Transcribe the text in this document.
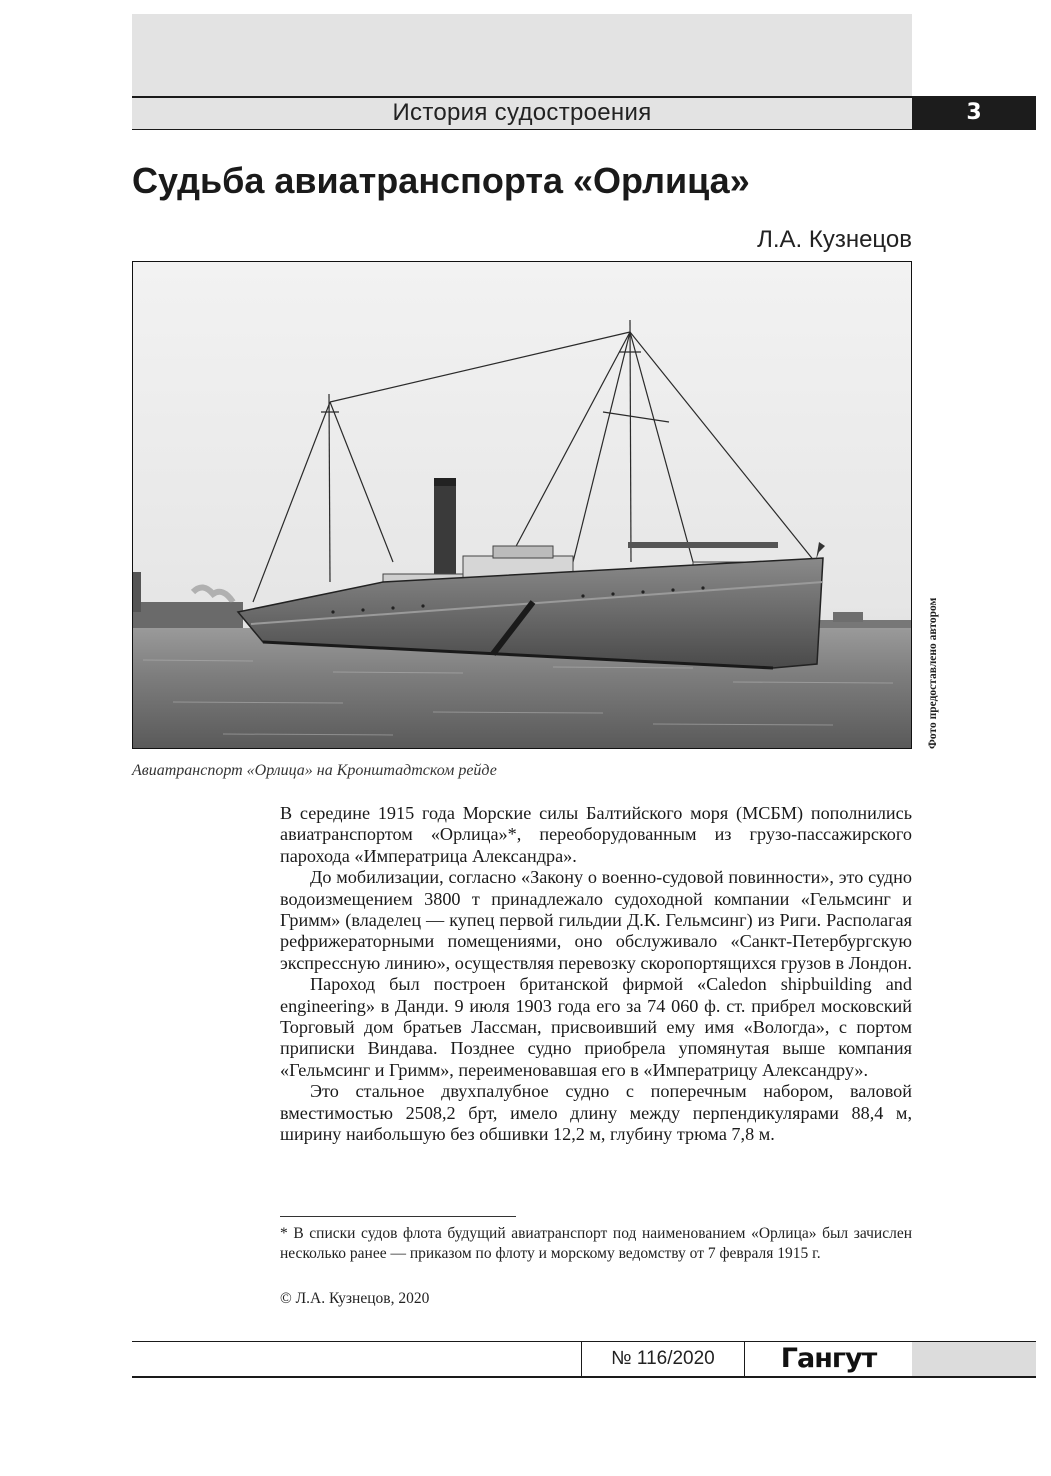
История судостроения	3
Судьба авиатранспорта «Орлица»
Л.А. Кузнецов
Фото предоставлено автором
Авиатранспорт «Орлица» на Кронштадтском рейде

В середине 1915 года Морские силы Балтийского моря (МСБМ) пополнились авиатранспортом «Орлица»*, переоборудованным из грузо-пассажирского парохода «Императрица Александра».

До мобилизации, согласно «Закону о военно-судовой повинности», это судно водоизмещением 3800 т принадлежало судоходной компании «Гельмсинг и Гримм» (владелец — купец первой гильдии Д.К. Гельмсинг) из Риги. Располагая рефрижераторными помещениями, оно обслуживало «Санкт-Петербургскую экспрессную линию», осуществляя перевозку скоропортящихся грузов в Лондон.

Пароход был построен британской фирмой «Caledon shipbuilding and engineering» в Данди. 9 июля 1903 года его за 74 060 ф. ст. прибрел московский Торговый дом братьев Лассман, присвоивший ему имя «Вологда», с портом приписки Виндава. Позднее судно приобрела упомянутая выше компания «Гельмсинг и Гримм», переименовавшая его в «Императрицу Александру».

Это стальное двухпалубное судно с поперечным набором, валовой вместимостью 2508,2 брт, имело длину между перпендикулярами 88,4 м, ширину наибольшую без обшивки 12,2 м, глубину трюма 7,8 м.

* В списки судов флота будущий авиатранспорт под наименованием «Орлица» был зачислен несколько ранее — приказом по флоту и морскому ведомству от 7 февраля 1915 г.

© Л.А. Кузнецов, 2020
№ 116/2020	Гангут
